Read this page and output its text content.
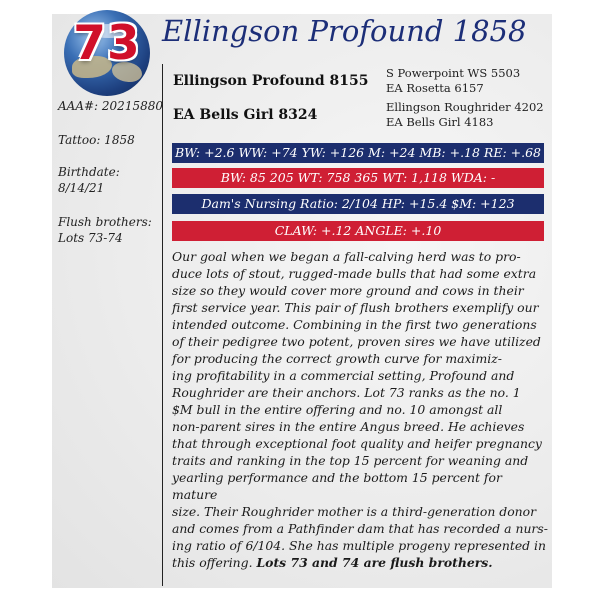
73 Ellingson Profound 1858
AAA#: 20215880
Tattoo: 1858
Birthdate:
8/14/21
Flush brothers:
Lots 73-74
Ellingson Profound 8155
EA Bells Girl 8324
S Powerpoint WS 5503
EA Rosetta 6157
Ellingson Roughrider 4202
EA Bells Girl 4183
BW: +2.6 WW: +74 YW: +126 M: +24 MB: +.18 RE: +.68
BW: 85 205 WT: 758 365 WT: 1,118 WDA: -
Dam's Nursing Ratio: 2/104 HP: +15.4 $M: +123
CLAW: +.12 ANGLE: +.10
Our goal when we began a fall-calving herd was to pro-
duce lots of stout, rugged-made bulls that had some extra
size so they would cover more ground and cows in their
first service year. This pair of flush brothers exemplify our
intended outcome. Combining in the first two generations
of their pedigree two potent, proven sires we have utilized
for producing the correct growth curve for maximiz-
ing profitability in a commercial setting, Profound and
Roughrider are their anchors. Lot 73 ranks as the no. 1
$M bull in the entire offering and no. 10 amongst all
non-parent sires in the entire Angus breed. He achieves
that through exceptional foot quality and heifer pregnancy
traits and ranking in the top 15 percent for weaning and
yearling performance and the bottom 15 percent for mature
size. Their Roughrider mother is a third-generation donor
and comes from a Pathfinder dam that has recorded a nurs-
ing ratio of 6/104. She has multiple progeny represented in
this offering. Lots 73 and 74 are flush brothers.
